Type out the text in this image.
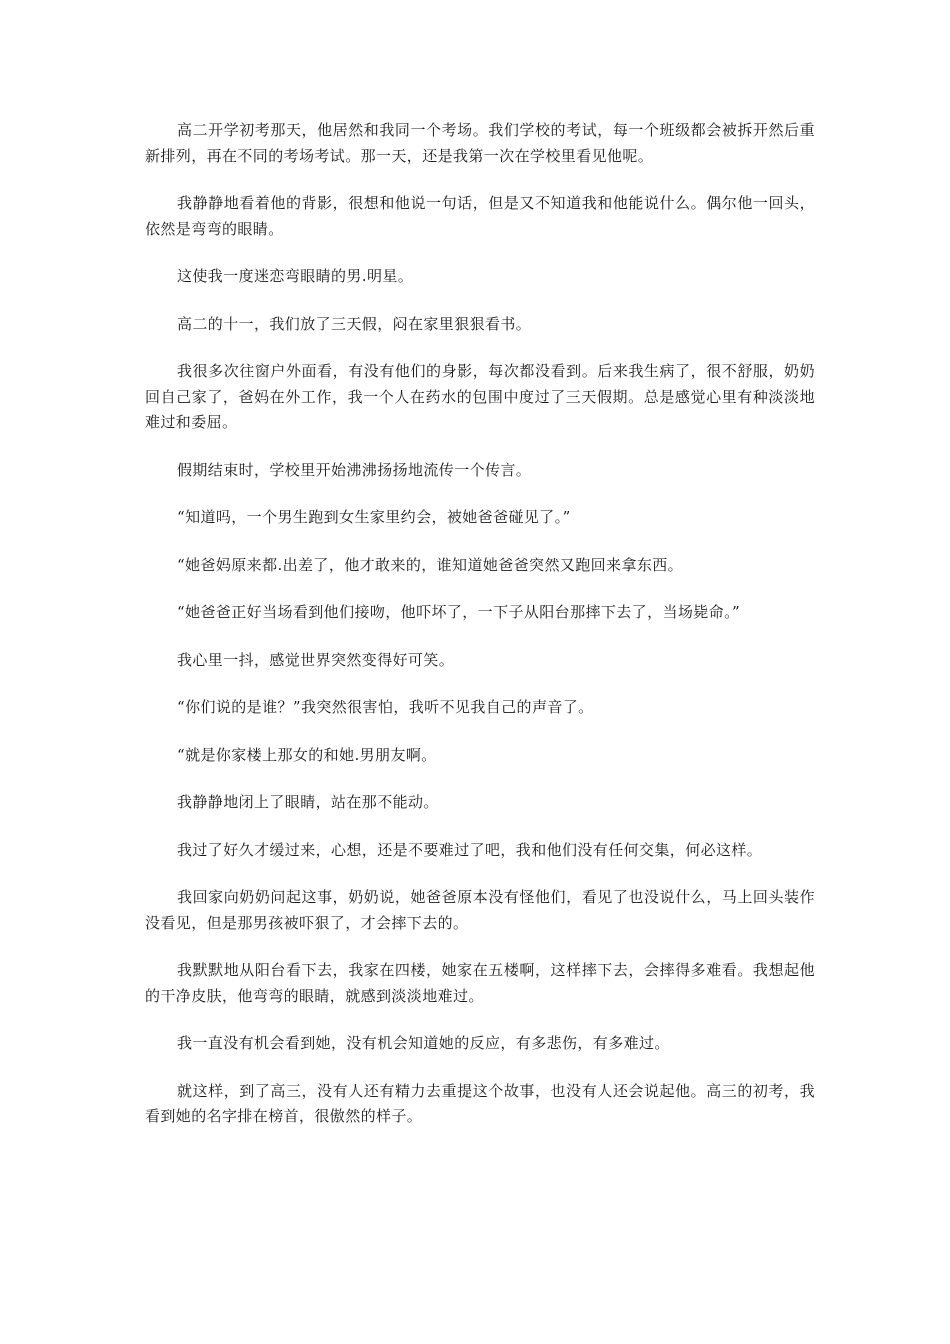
高二开学初考那天，他居然和我同一个考场。我们学校的考试，每一个班级都会被拆开然后重新排列，再在不同的考场考试。那一天，还是我第一次在学校里看见他呢。

我静静地看着他的背影，很想和他说一句话，但是又不知道我和他能说什么。偶尔他一回头，依然是弯弯的眼睛。

这使我一度迷恋弯眼睛的男.明星。

高二的十一，我们放了三天假，闷在家里狠狠看书。

我很多次往窗户外面看，有没有他们的身影，每次都没看到。后来我生病了，很不舒服，奶奶回自己家了，爸妈在外工作，我一个人在药水的包围中度过了三天假期。总是感觉心里有种淡淡地难过和委屈。

假期结束时，学校里开始沸沸扬扬地流传一个传言。

“知道吗，一个男生跑到女生家里约会，被她爸爸碰见了。”

“她爸妈原来都.出差了，他才敢来的，谁知道她爸爸突然又跑回来拿东西。

“她爸爸正好当场看到他们接吻，他吓坏了，一下子从阳台那摔下去了，当场毙命。”

我心里一抖，感觉世界突然变得好可笑。

“你们说的是谁？”我突然很害怕，我听不见我自己的声音了。

“就是你家楼上那女的和她.男朋友啊。

我静静地闭上了眼睛，站在那不能动。

我过了好久才缓过来，心想，还是不要难过了吧，我和他们没有任何交集，何必这样。

我回家向奶奶问起这事，奶奶说，她爸爸原本没有怪他们，看见了也没说什么，马上回头装作没看见，但是那男孩被吓狠了，才会摔下去的。

我默默地从阳台看下去，我家在四楼，她家在五楼啊，这样摔下去，会摔得多难看。我想起他的干净皮肤，他弯弯的眼睛，就感到淡淡地难过。

我一直没有机会看到她，没有机会知道她的反应，有多悲伤，有多难过。

就这样，到了高三，没有人还有精力去重提这个故事，也没有人还会说起他。高三的初考，我看到她的名字排在榜首，很傲然的样子。
